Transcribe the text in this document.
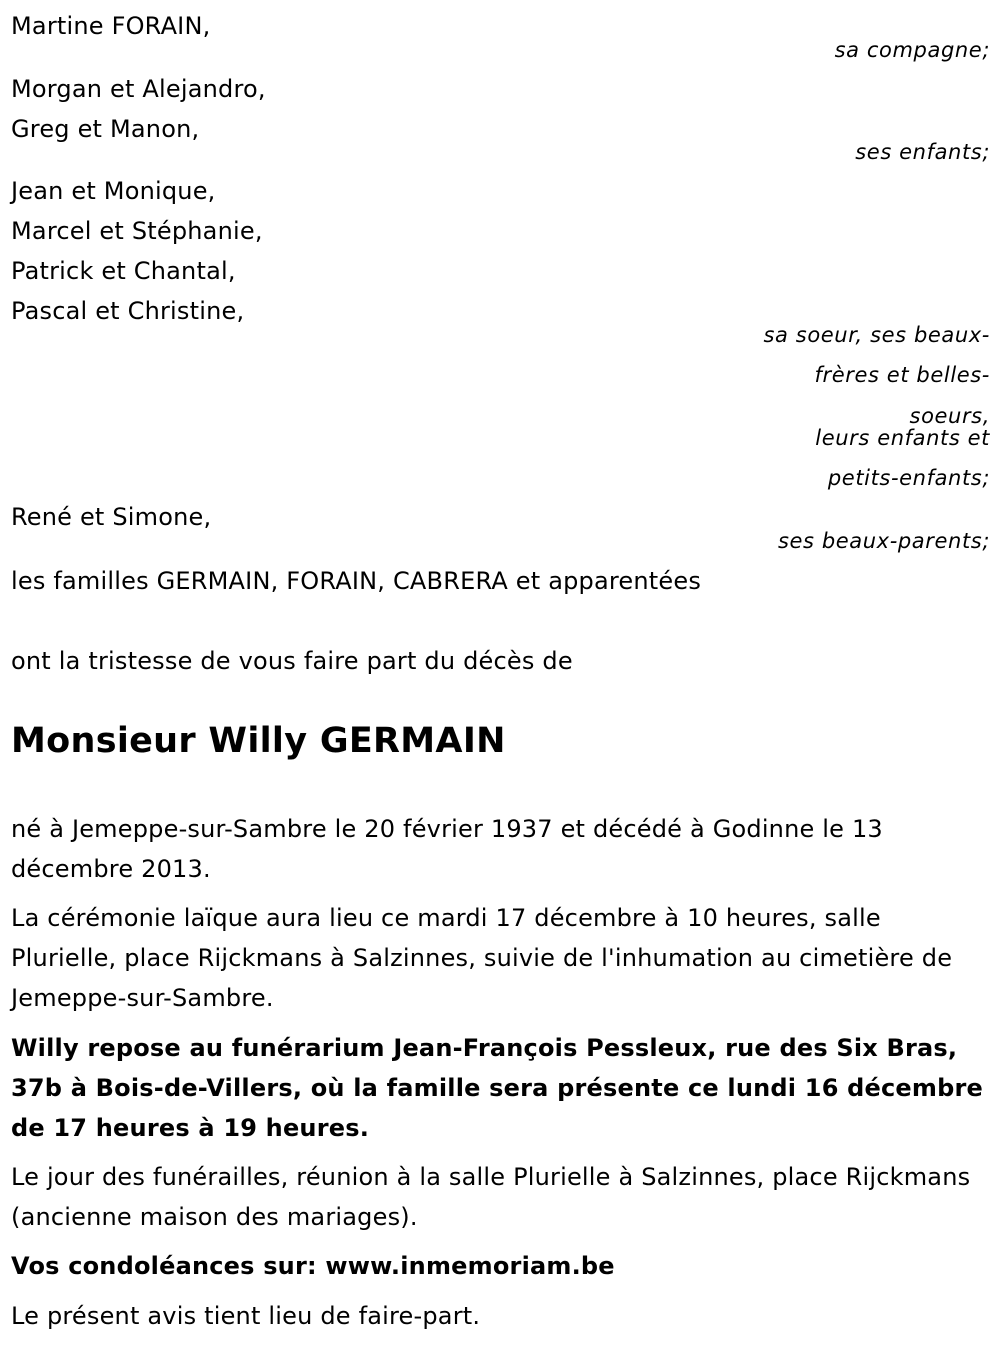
Martine FORAIN,

sa compagne;

Morgan et Alejandro,

Greg et Manon,

ses enfants;

Jean et Monique,

Marcel et Stéphanie,

Patrick et Chantal,

Pascal et Christine,

sa soeur, ses beaux-

frères et belles-

soeurs,

leurs enfants et

petits-enfants;

René et Simone,

ses beaux-parents;

les familles GERMAIN, FORAIN, CABRERA et apparentées

ont la tristesse de vous faire part du décès de

Monsieur Willy GERMAIN

né à Jemeppe-sur-Sambre le 20 février 1937 et décédé à Godinne le 13 décembre 2013.

La cérémonie laïque aura lieu ce mardi 17 décembre à 10 heures, salle Plurielle, place Rijckmans à Salzinnes, suivie de l'inhumation au cimetière de Jemeppe-sur-Sambre.

Willy repose au funérarium Jean-François Pessleux, rue des Six Bras, 37b à Bois-de-Villers, où la famille sera présente ce lundi 16 décembre de 17 heures à 19 heures.

Le jour des funérailles, réunion à la salle Plurielle à Salzinnes, place Rijckmans (ancienne maison des mariages).

Vos condoléances sur: www.inmemoriam.be

Le présent avis tient lieu de faire-part.
